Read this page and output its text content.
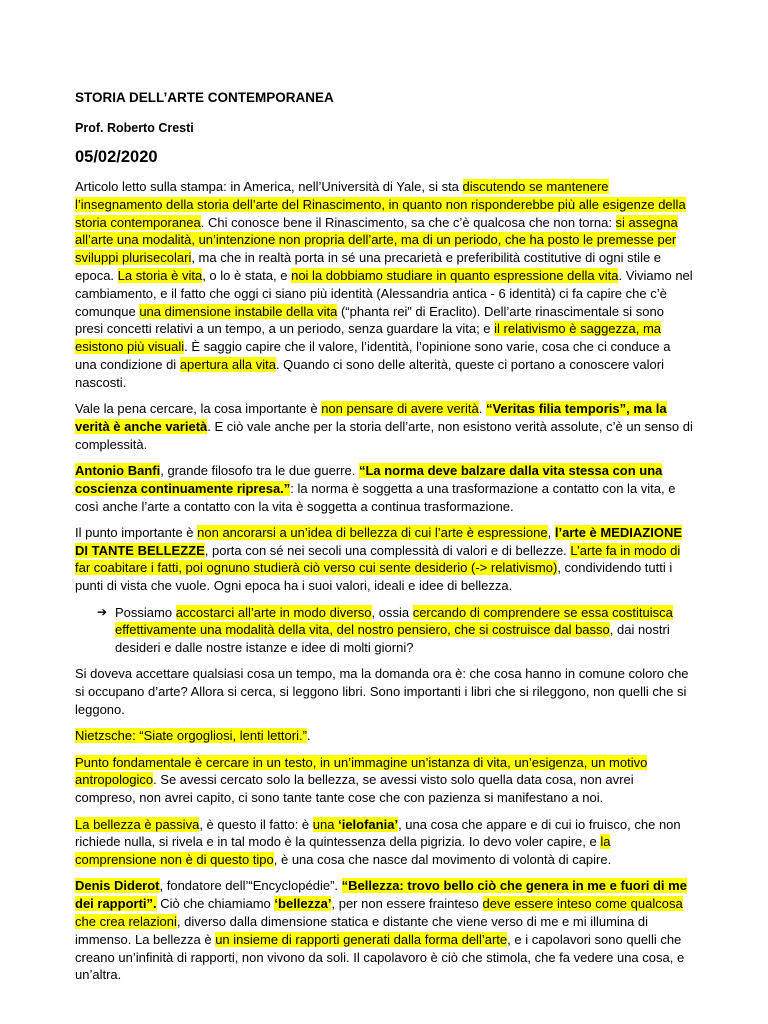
STORIA DELL’ARTE CONTEMPORANEA
Prof. Roberto Cresti
05/02/2020
Articolo letto sulla stampa: in America, nell’Università di Yale, si sta discutendo se mantenere l’insegnamento della storia dell’arte del Rinascimento, in quanto non risponderebbe più alle esigenze della storia contemporanea. Chi conosce bene il Rinascimento, sa che c’è qualcosa che non torna: si assegna all’arte una modalità, un’intenzione non propria dell’arte, ma di un periodo, che ha posto le premesse per sviluppi plurisecolari, ma che in realtà porta in sé una precarietà e preferibilità costitutive di ogni stile e epoca. La storia è vita, o lo è stata, e noi la dobbiamo studiare in quanto espressione della vita. Viviamo nel cambiamento, e il fatto che oggi ci siano più identità (Alessandria antica - 6 identità) ci fa capire che c’è comunque una dimensione instabile della vita (“phanta rei” di Eraclito). Dell’arte rinascimentale si sono presi concetti relativi a un tempo, a un periodo, senza guardare la vita; e il relativismo è saggezza, ma esistono più visuali. È saggio capire che il valore, l’identità, l’opinione sono varie, cosa che ci conduce a una condizione di apertura alla vita. Quando ci sono delle alterità, queste ci portano a conoscere valori nascosti.
Vale la pena cercare, la cosa importante è non pensare di avere verità. “Veritas filia temporis”, ma la verità è anche varietà. E ciò vale anche per la storia dell’arte, non esistono verità assolute, c’è un senso di complessità.
Antonio Banfi, grande filosofo tra le due guerre. “La norma deve balzare dalla vita stessa con una coscienza continuamente ripresa.”: la norma è soggetta a una trasformazione a contatto con la vita, e così anche l’arte a contatto con la vita è soggetta a continua trasformazione.
Il punto importante è non ancorarsi a un’idea di bellezza di cui l’arte è espressione, l’arte è MEDIAZIONE DI TANTE BELLEZZE, porta con sé nei secoli una complessità di valori e di bellezze. L’arte fa in modo di far coabitare i fatti, poi ognuno studierà ciò verso cui sente desiderio (-> relativismo), condividendo tutti i punti di vista che vuole. Ogni epoca ha i suoi valori, ideali e idee di bellezza.
➔ Possiamo accostarci all’arte in modo diverso, ossia cercando di comprendere se essa costituisca effettivamente una modalità della vita, del nostro pensiero, che si costruisce dal basso, dai nostri desideri e dalle nostre istanze e idee di molti giorni?
Si doveva accettare qualsiasi cosa un tempo, ma la domanda ora è: che cosa hanno in comune coloro che si occupano d’arte? Allora si cerca, si leggono libri. Sono importanti i libri che si rileggono, non quelli che si leggono.
Nietzsche: “Siate orgogliosi, lenti lettori.”.
Punto fondamentale è cercare in un testo, in un’immagine un’istanza di vita, un’esigenza, un motivo antropologico. Se avessi cercato solo la bellezza, se avessi visto solo quella data cosa, non avrei compreso, non avrei capito, ci sono tante tante cose che con pazienza si manifestano a noi.
La bellezza è passiva, è questo il fatto: è una ‘ielofania’, una cosa che appare e di cui io fruisco, che non richiede nulla, si rivela e in tal modo è la quintessenza della pigrizia. Io devo voler capire, e la comprensione non è di questo tipo, è una cosa che nasce dal movimento di volontà di capire.
Denis Diderot, fondatore dell’“Encyclopédie”. “Bellezza: trovo bello ciò che genera in me e fuori di me dei rapporti”. Ciò che chiamiamo ‘bellezza’, per non essere frainteso deve essere inteso come qualcosa che crea relazioni, diverso dalla dimensione statica e distante che viene verso di me e mi illumina di immenso. La bellezza è un insieme di rapporti generati dalla forma dell’arte, e i capolavori sono quelli che creano un’infinità di rapporti, non vivono da soli. Il capolavoro è ciò che stimola, che fa vedere una cosa, e un’altra.
